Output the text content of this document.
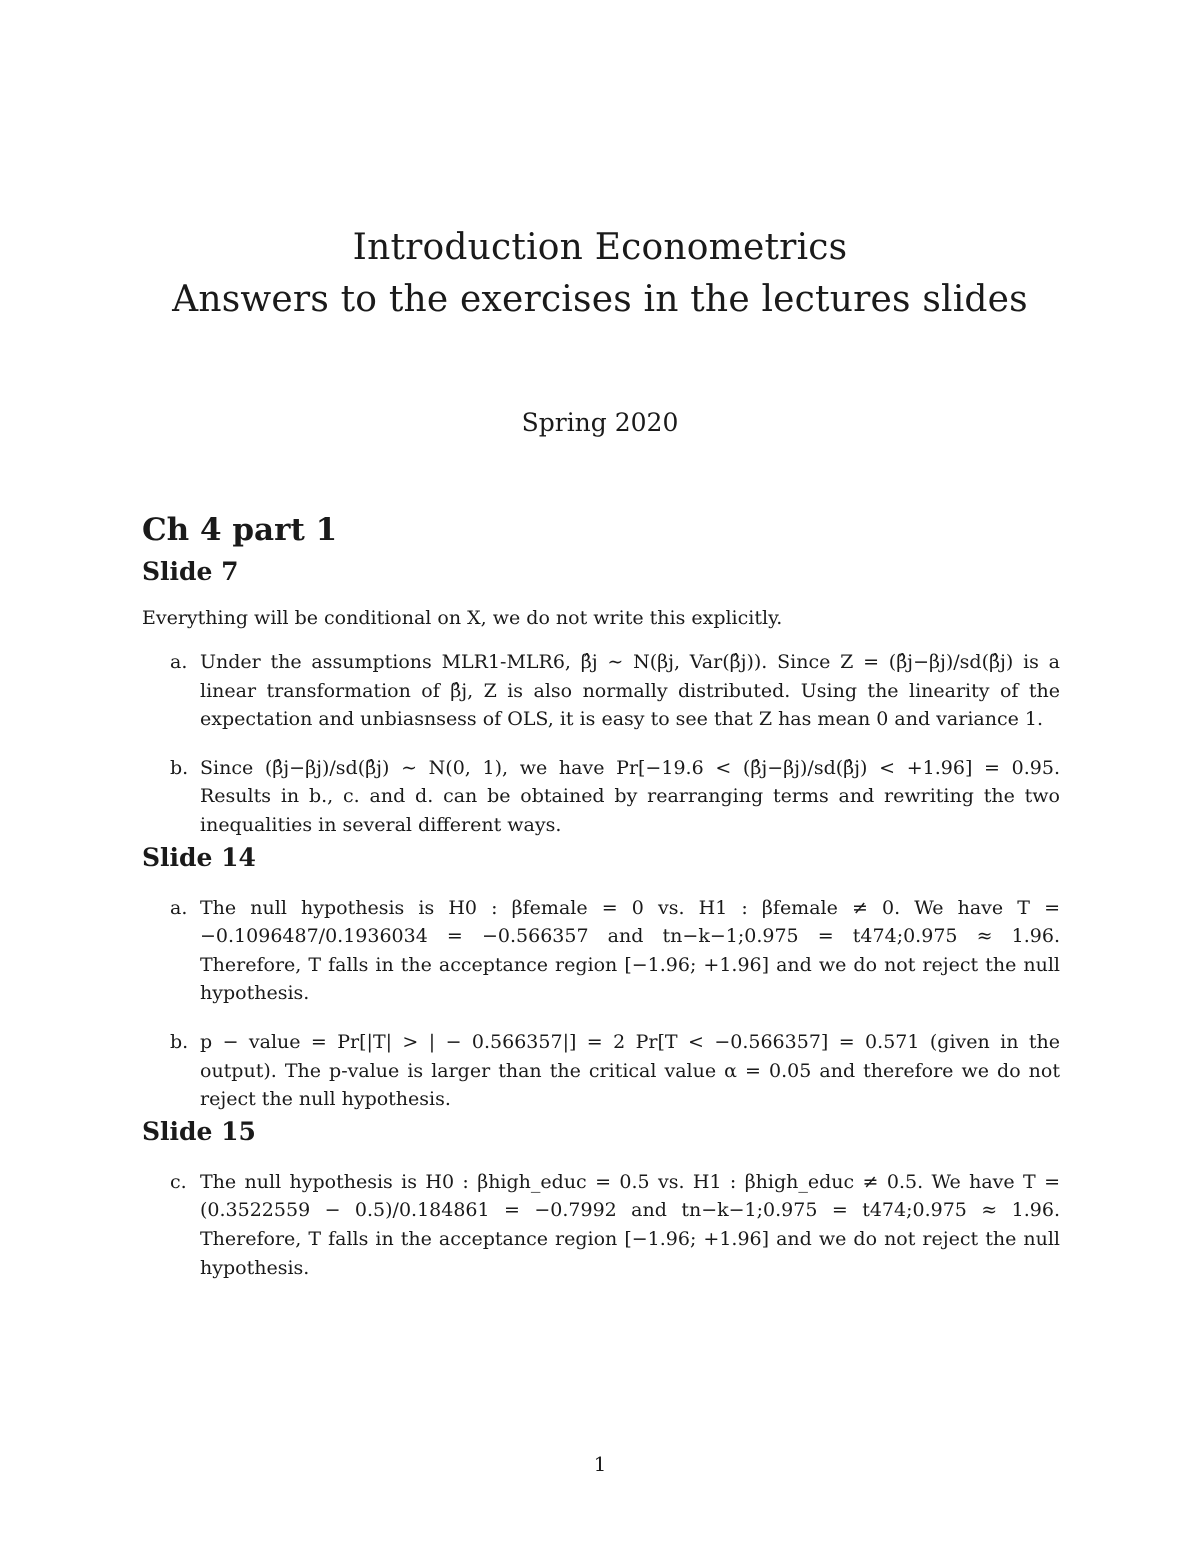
Introduction Econometrics
Answers to the exercises in the lectures slides
Spring 2020
Ch 4 part 1
Slide 7

Everything will be conditional on X, we do not write this explicitly.

a. Under the assumptions MLR1-MLR6, β̂j ∼ N(βj, Var(β̂j)). Since Z = (β̂j−βj)/sd(β̂j) is a linear transformation of β̂j, Z is also normally distributed. Using the linearity of the expectation and unbiasnsess of OLS, it is easy to see that Z has mean 0 and variance 1.
b. Since (β̂j−βj)/sd(β̂j) ∼ N(0, 1), we have Pr[−19.6 < (β̂j−βj)/sd(β̂j) < +1.96] = 0.95. Results in b., c. and d. can be obtained by rearranging terms and rewriting the two inequalities in several different ways.
Slide 14
a. The null hypothesis is H0 : βfemale = 0 vs. H1 : βfemale ≠ 0. We have T = −0.1096487/0.1936034 = −0.566357 and tn−k−1;0.975 = t474;0.975 ≈ 1.96. Therefore, T falls in the acceptance region [−1.96; +1.96] and we do not reject the null hypothesis.
b. p − value = Pr[|T| > | − 0.566357|] = 2 Pr[T < −0.566357] = 0.571 (given in the output). The p-value is larger than the critical value α = 0.05 and therefore we do not reject the null hypothesis.
Slide 15
c. The null hypothesis is H0 : βhigh_educ = 0.5 vs. H1 : βhigh_educ ≠ 0.5. We have T = (0.3522559 − 0.5)/0.184861 = −0.7992 and tn−k−1;0.975 = t474;0.975 ≈ 1.96. Therefore, T falls in the acceptance region [−1.96; +1.96] and we do not reject the null hypothesis.
1
